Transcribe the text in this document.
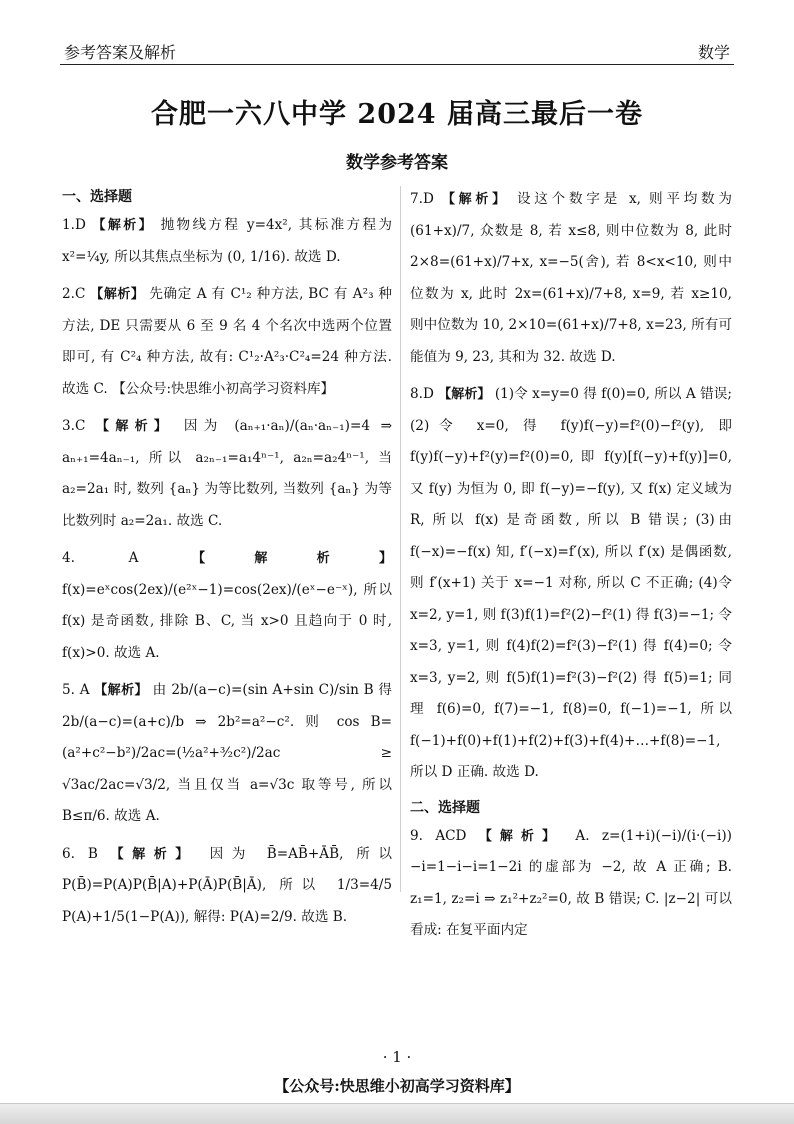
参考答案及解析	数学
合肥一六八中学 2024 届高三最后一卷
数学参考答案
一、选择题

1.D 【解析】 抛物线方程 y=4x², 其标准方程为 x²=¼y, 所以其焦点坐标为 (0, 1/16). 故选 D.

2.C 【解析】 先确定 A 有 C¹₂ 种方法, BC 有 A²₃ 种方法, DE 只需要从 6 至 9 名 4 个名次中选两个位置即可, 有 C²₄ 种方法, 故有: C¹₂·A²₃·C²₄=24 种方法. 故选 C. 【公众号:快思维小初高学习资料库】

3.C 【解析】 因为 (aₙ₊₁·aₙ)/(aₙ·aₙ₋₁)=4 ⇒ aₙ₊₁=4aₙ₋₁, 所以 a₂ₙ₋₁=a₁4ⁿ⁻¹, a₂ₙ=a₂4ⁿ⁻¹, 当 a₂=2a₁ 时, 数列 {aₙ} 为等比数列, 当数列 {aₙ} 为等比数列时 a₂=2a₁. 故选 C.

4. A	【解析】 f(x)=eˣcos(2ex)/(e²ˣ−1)=cos(2ex)/(eˣ−e⁻ˣ), 所以 f(x) 是奇函数, 排除 B、C, 当 x>0 且趋向于 0 时, f(x)>0. 故选 A.

5. A 【解析】 由 2b/(a−c)=(sin A+sin C)/sin B 得 2b/(a−c)=(a+c)/b ⇒ 2b²=a²−c². 则 cos B=(a²+c²−b²)/2ac=(½a²+³⁄₂c²)/2ac ≥ √3ac/2ac=√3/2, 当且仅当 a=√3c 取等号, 所以 B≤π/6. 故选 A.

6. B 【解析】 因为 B̄=AB̄+ĀB̄, 所以 P(B̄)=P(A)P(B̄|A)+P(Ā)P(B̄|Ā), 所以 1/3=4/5 P(A)+1/5(1−P(A)), 解得: P(A)=2/9. 故选 B.

7.D 【解析】 设这个数字是 x, 则平均数为 (61+x)/7, 众数是 8, 若 x≤8, 则中位数为 8, 此时 2×8=(61+x)/7+x, x=−5(舍), 若 8<x<10, 则中位数为 x, 此时 2x=(61+x)/7+8, x=9, 若 x≥10, 则中位数为 10, 2×10=(61+x)/7+8, x=23, 所有可能值为 9, 23, 其和为 32. 故选 D.

8.D 【解析】 (1)令 x=y=0 得 f(0)=0, 所以 A 错误; (2)令 x=0, 得 f(y)f(−y)=f²(0)−f²(y), 即 f(y)f(−y)+f²(y)=f²(0)=0, 即 f(y)[f(−y)+f(y)]=0, 又 f(y) 为恒为 0, 即 f(−y)=−f(y), 又 f(x) 定义域为 R, 所以 f(x) 是奇函数, 所以 B 错误; (3)由 f(−x)=−f(x) 知, f′(−x)=f′(x), 所以 f′(x) 是偶函数, 则 f′(x+1) 关于 x=−1 对称, 所以 C 不正确; (4)令 x=2, y=1, 则 f(3)f(1)=f²(2)−f²(1) 得 f(3)=−1; 令 x=3, y=1, 则 f(4)f(2)=f²(3)−f²(1) 得 f(4)=0; 令 x=3, y=2, 则 f(5)f(1)=f²(3)−f²(2) 得 f(5)=1; 同理 f(6)=0, f(7)=−1, f(8)=0, f(−1)=−1, 所以 f(−1)+f(0)+f(1)+f(2)+f(3)+f(4)+…+f(8)=−1, 所以 D 正确. 故选 D.

二、选择题

9. ACD 【解析】 A. z=(1+i)(−i)/(i·(−i))−i=1−i−i=1−2i 的虚部为 −2, 故 A 正确; B. z₁=1, z₂=i ⇒ z₁²+z₂²=0, 故 B 错误; C. |z−2| 可以看成: 在复平面内定

· 1 ·
【公众号:快思维小初高学习资料库】
